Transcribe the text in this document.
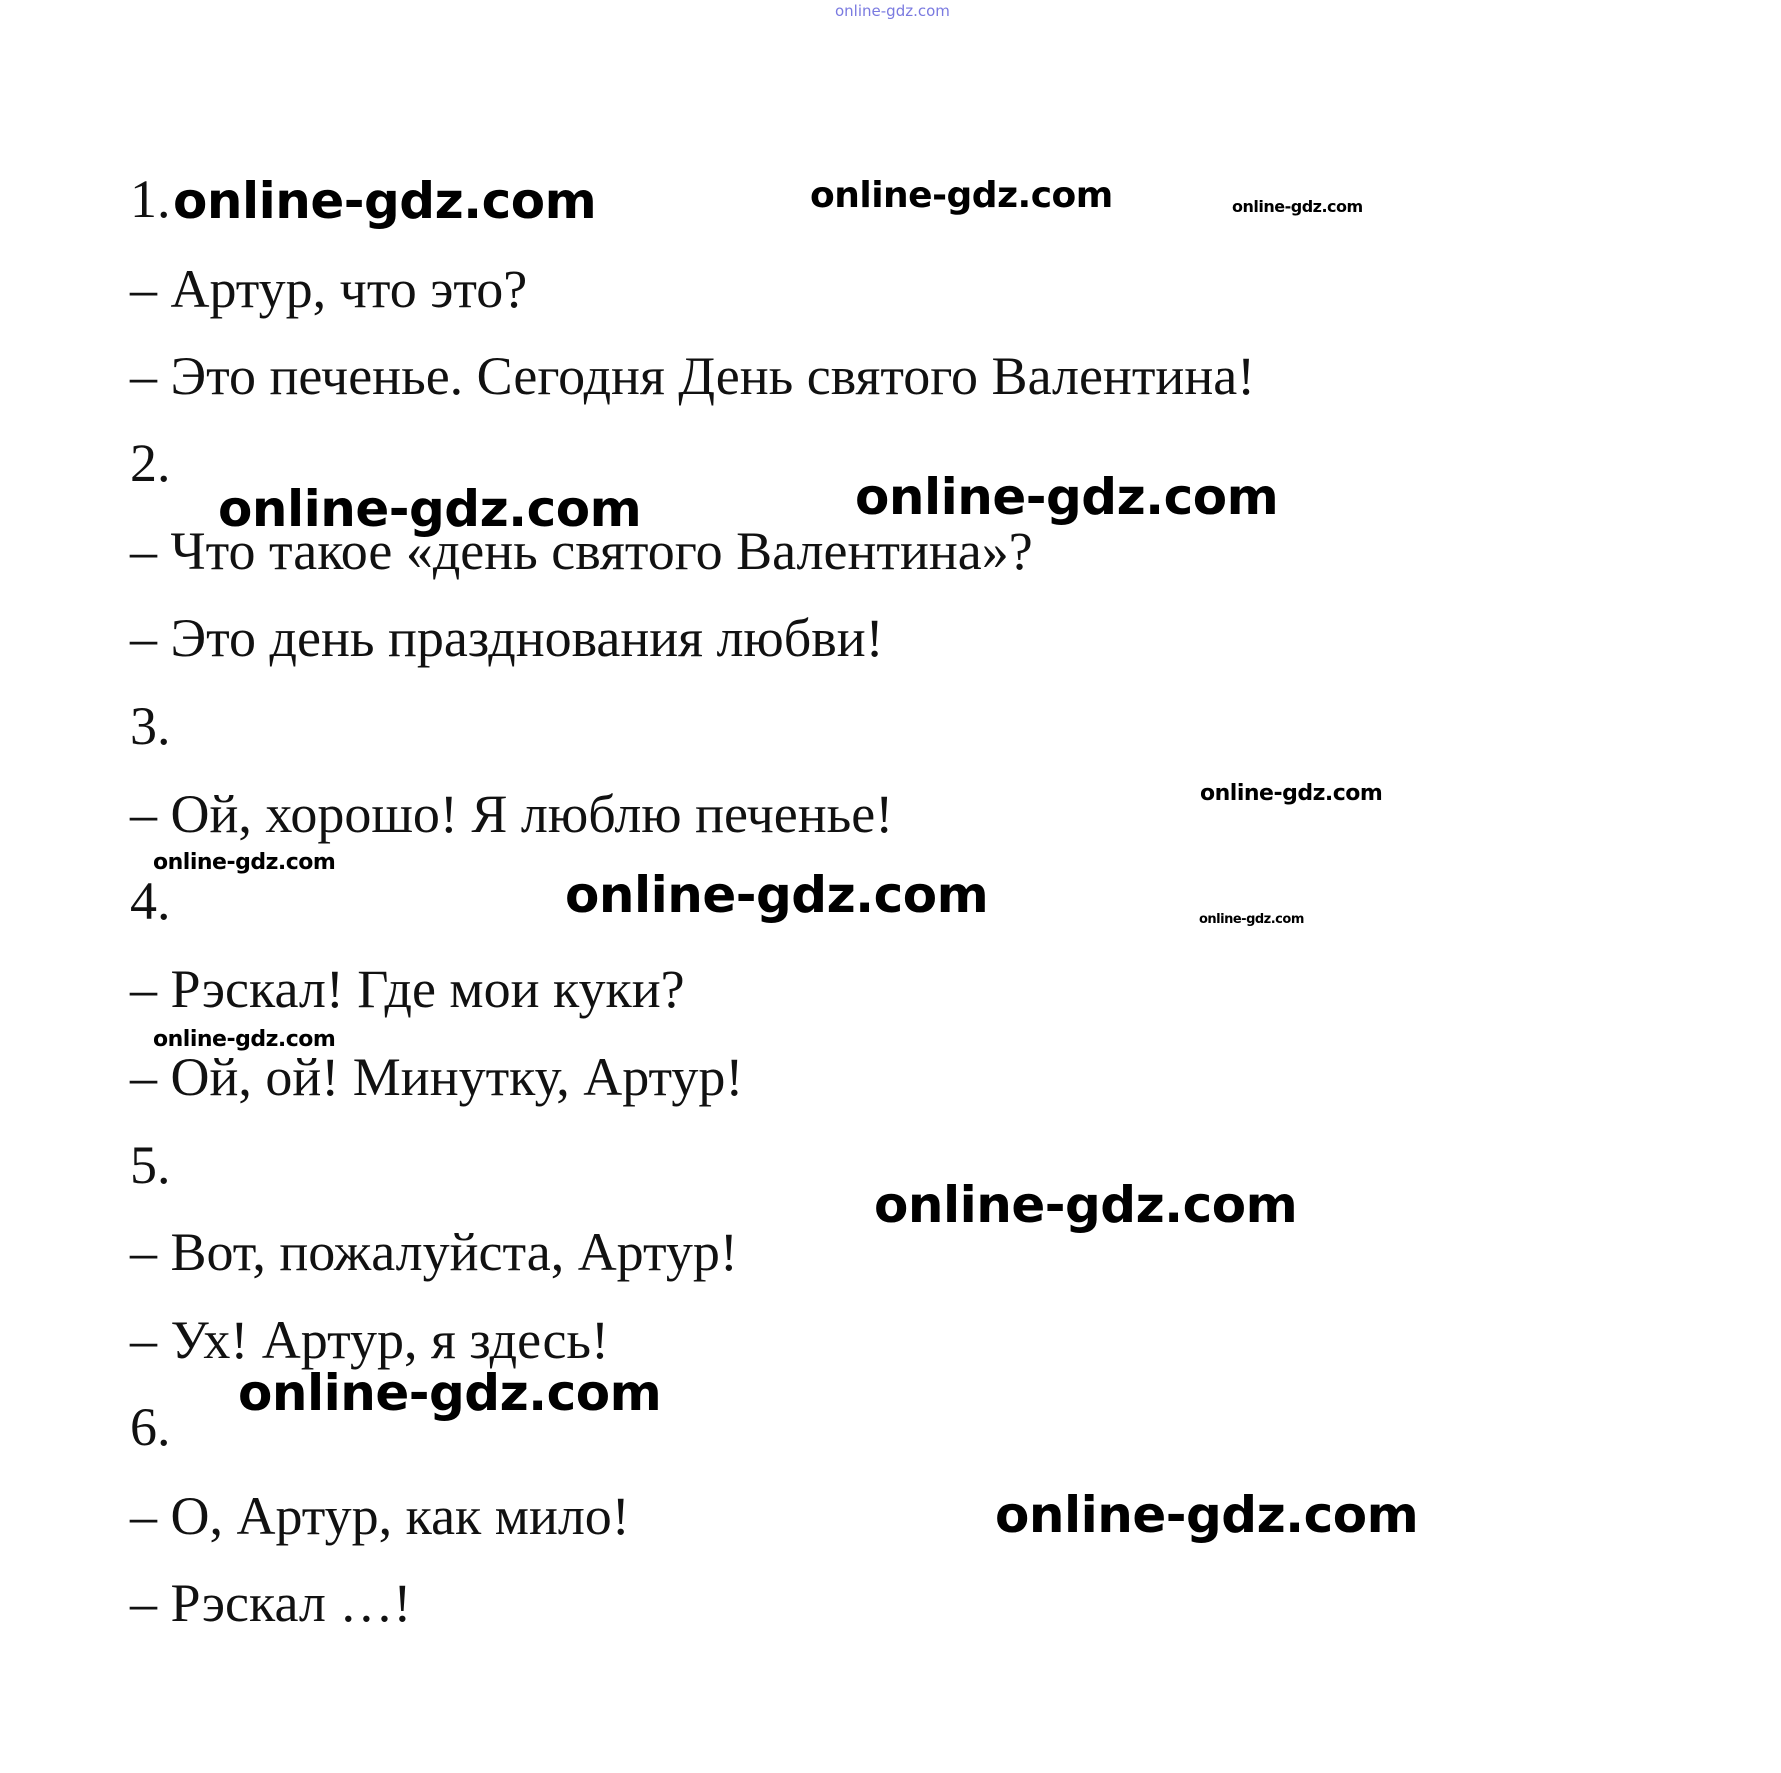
online-gdz.com
1. online-gdz.com	online-gdz.com	online-gdz.com
– Артур, что это?
– Это печенье. Сегодня День святого Валентина!
2.
– Что такое «день святого Валентина»?
online-gdz.com	online-gdz.com
– Это день празднования любви!
3.
– Ой, хорошо! Я люблю печенье!	online-gdz.com
online-gdz.com
4.	online-gdz.com	online-gdz.com
– Рэскал! Где мои куки?
online-gdz.com
– Ой, ой! Минутку, Артур!
5.
online-gdz.com
– Вот, пожалуйста, Артур!
– Ух! Артур, я здесь!
online-gdz.com
6.
– О, Артур, как мило!	online-gdz.com
– Рэскал …!
